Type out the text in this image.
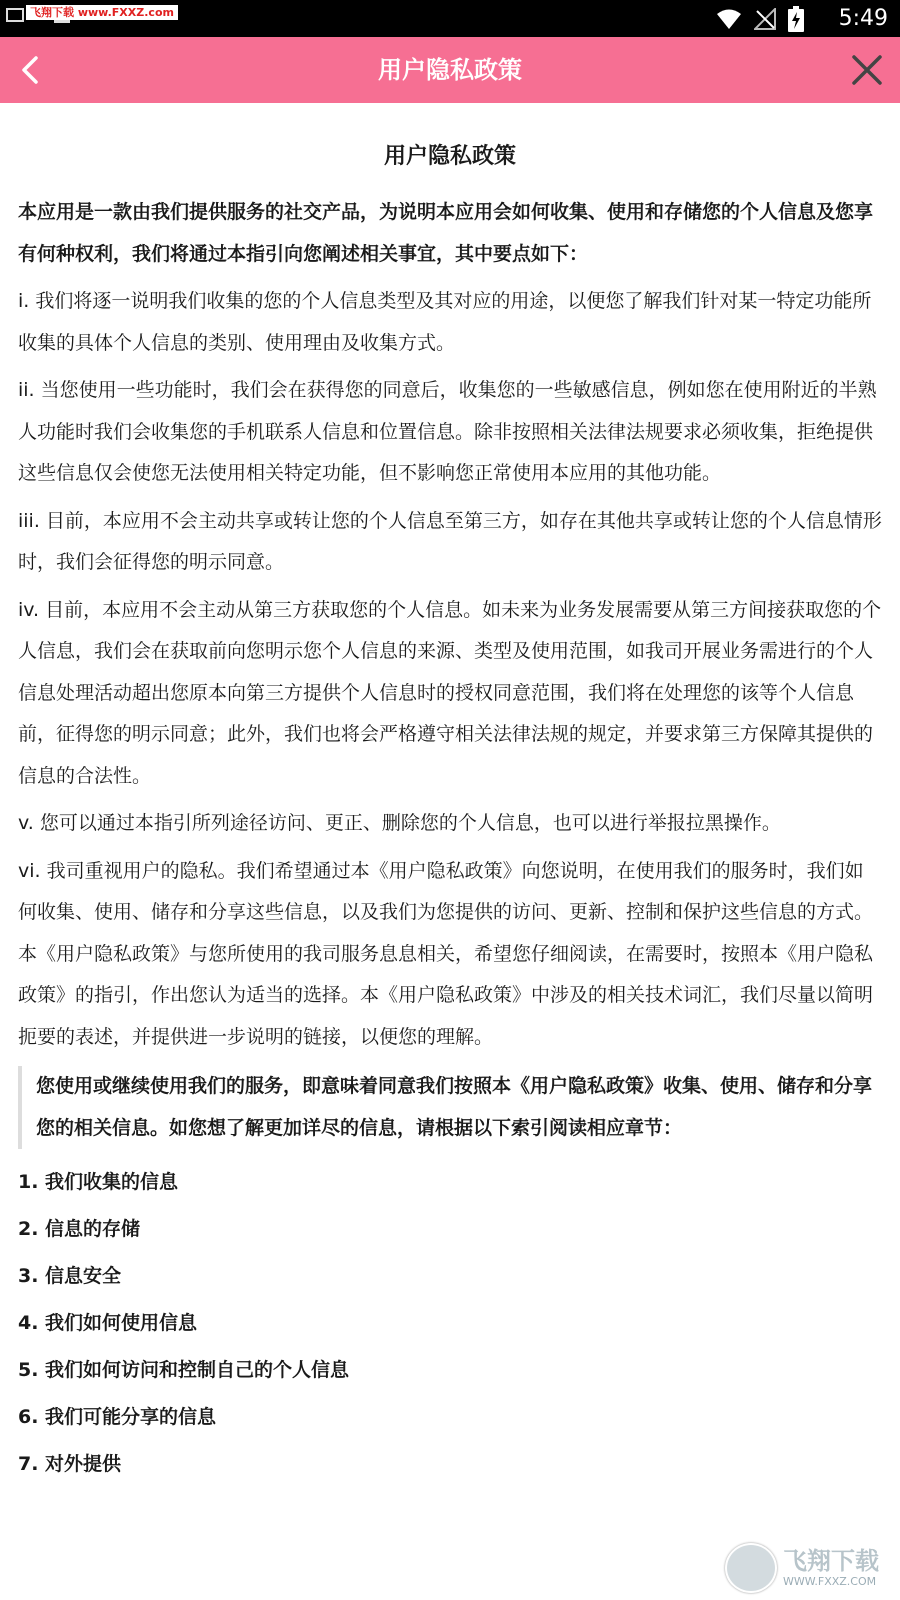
飞翔下载 www.FXXZ.com	5:49
用户隐私政策
用户隐私政策

本应用是一款由我们提供服务的社交产品，为说明本应用会如何收集、使用和存储您的个人信息及您享有何种权利，我们将通过本指引向您阐述相关事宜，其中要点如下：

i. 我们将逐一说明我们收集的您的个人信息类型及其对应的用途，以便您了解我们针对某一特定功能所收集的具体个人信息的类别、使用理由及收集方式。

ii. 当您使用一些功能时，我们会在获得您的同意后，收集您的一些敏感信息，例如您在使用附近的半熟人功能时我们会收集您的手机联系人信息和位置信息。除非按照相关法律法规要求必须收集，拒绝提供这些信息仅会使您无法使用相关特定功能，但不影响您正常使用本应用的其他功能。

iii. 目前，本应用不会主动共享或转让您的个人信息至第三方，如存在其他共享或转让您的个人信息情形时，我们会征得您的明示同意。

iv. 目前，本应用不会主动从第三方获取您的个人信息。如未来为业务发展需要从第三方间接获取您的个人信息，我们会在获取前向您明示您个人信息的来源、类型及使用范围，如我司开展业务需进行的个人信息处理活动超出您原本向第三方提供个人信息时的授权同意范围，我们将在处理您的该等个人信息前，征得您的明示同意；此外，我们也将会严格遵守相关法律法规的规定，并要求第三方保障其提供的信息的合法性。

v. 您可以通过本指引所列途径访问、更正、删除您的个人信息，也可以进行举报拉黑操作。

vi. 我司重视用户的隐私。我们希望通过本《用户隐私政策》向您说明，在使用我们的服务时，我们如何收集、使用、储存和分享这些信息，以及我们为您提供的访问、更新、控制和保护这些信息的方式。本《用户隐私政策》与您所使用的我司服务息息相关，希望您仔细阅读，在需要时，按照本《用户隐私政策》的指引，作出您认为适当的选择。本《用户隐私政策》中涉及的相关技术词汇，我们尽量以简明扼要的表述，并提供进一步说明的链接，以便您的理解。

您使用或继续使用我们的服务，即意味着同意我们按照本《用户隐私政策》收集、使用、储存和分享您的相关信息。如您想了解更加详尽的信息，请根据以下索引阅读相应章节：
1. 我们收集的信息
2. 信息的存储
3. 信息安全
4. 我们如何使用信息
5. 我们如何访问和控制自己的个人信息
6. 我们可能分享的信息
7. 对外提供
飞翔下载
WWW.FXXZ.COM
